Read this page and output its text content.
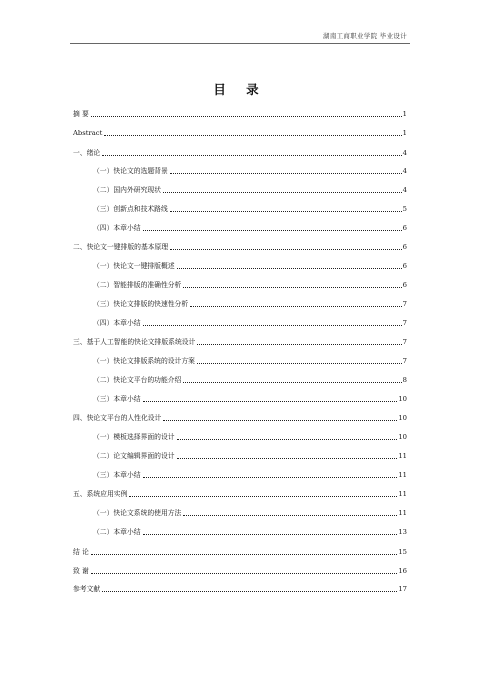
湖南工商职业学院 毕业设计
目 录
摘 要	1
Abstract	1
一、绪论	4
（一）快论文的选题背景	4
（二）国内外研究现状	4
（三）创新点和技术路线	5
（四）本章小结	6
二、快论文一键排版的基本原理	6
（一）快论文一键排版概述	6
（二）智能排版的准确性分析	6
（三）快论文排版的快速性分析	7
（四）本章小结	7
三、基于人工智能的快论文排版系统设计	7
（一）快论文排版系统的设计方案	7
（二）快论文平台的功能介绍	8
（三）本章小结	10
四、快论文平台的人性化设计	10
（一）模板选择界面的设计	10
（二）论文编辑界面的设计	11
（三）本章小结	11
五、系统应用实例	11
（一）快论文系统的使用方法	11
（二）本章小结	13
结 论	15
致 谢	16
参考文献	17
